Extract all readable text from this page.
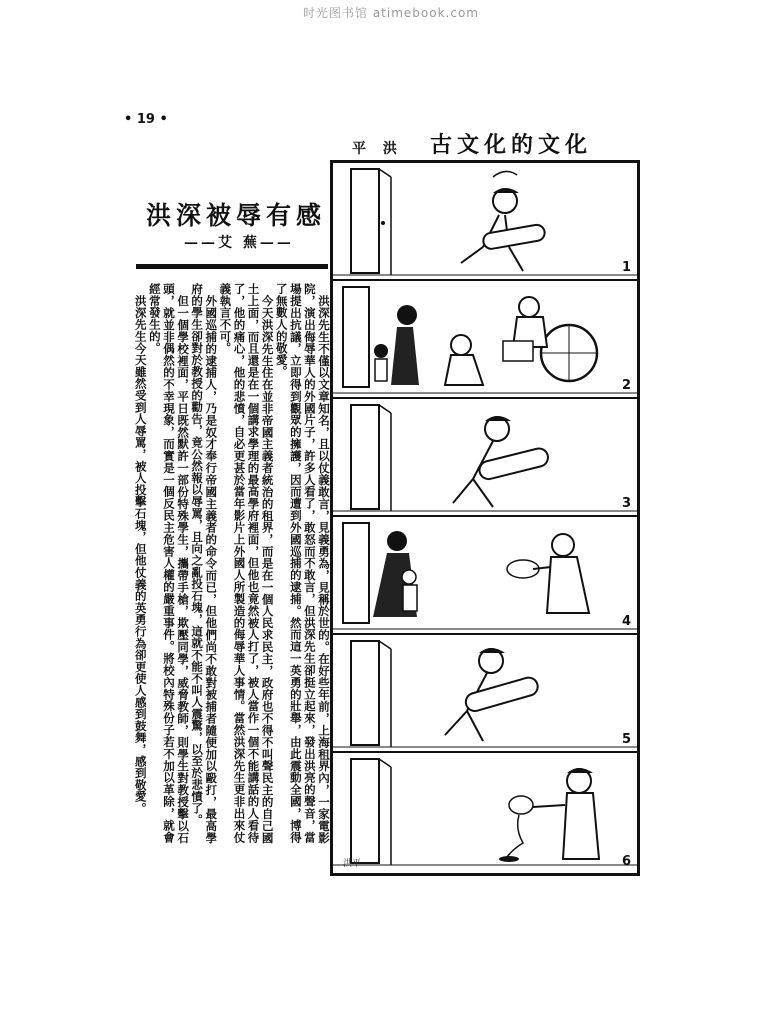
时光图书馆 atimebook.com
• 19 •
平 洪 古文化的文化
洪深被辱有感
——艾 蕪——

洪深先生不僅以文章知名，且以仗義敢言，見義勇為，見稱於世的。在好些年前，上海租界內，一家電影院，演出侮辱華人的外國片子，許多人看了，敢怒而不敢言，但洪深先生卻挺立起來，發出洪亮的聲音，當場提出抗議，立即得到觀眾的擁護，因而遭到外國巡捕的逮捕。然而這一英勇的壯舉，由此震動全國，博得了無數人的敬愛。

今天洪深先生住在並非帝國主義者統治的租界，而是在一個人民求民主，政府也不得不叫聲民主的自己國土上面，而且還是在一個講求學理的最高學府裡面，但他也竟然被人打了，被人當作一個不能講話的人看待了，他的痛心，他的悲憤，自必更甚於當年影片上外國人所製造的侮辱華人事情。當然洪深先生更非出來仗義執言不可。

外國巡捕的逮捕人，乃是奴才奉行帝國主義者的命令而已，但他們尚不敢對被捕者隨便加以毆打，最高學府的學生卻對於教授的勸告，竟公然報以辱罵，且向之亂投石塊，這就不能不叫人震驚，以至於悲憤了。

但一個學校裡面，平日既然默許一部份特殊學生，攜帶手槍，欺壓同學，威脅教師，則學生對教授擊以石頭，就並非偶然的不幸現象，而實是一個反民主危害人權的嚴重事件。將校內特殊份子若不加以革除，就會經常發生的。

洪深先生今天雖然受到人辱罵，被人投擊石塊，但他仗義的英勇行為卻更使人感到鼓舞，感到敬愛。

1
2
3
4
5
洪平	6
